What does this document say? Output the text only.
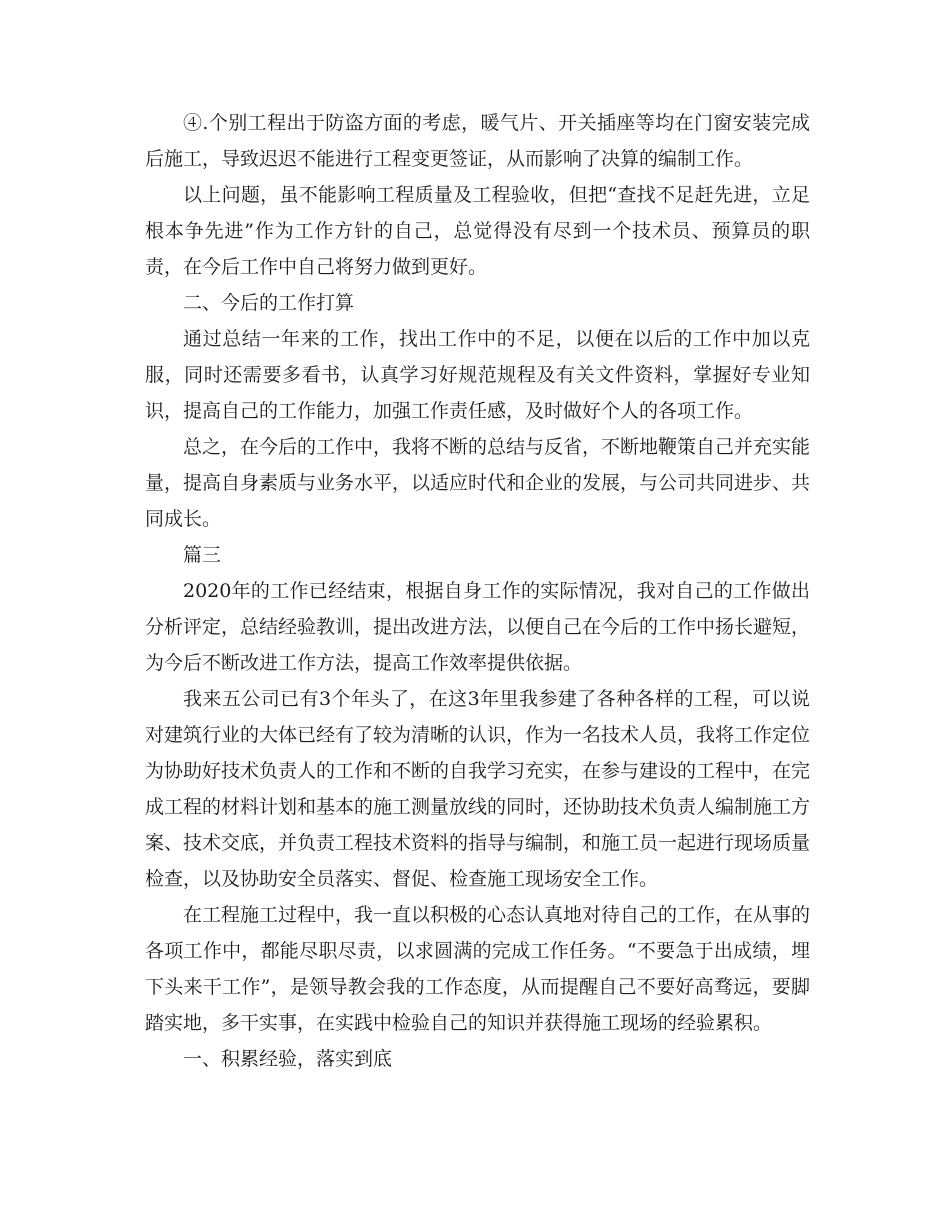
④.个别工程出于防盗方面的考虑，暖气片、开关插座等均在门窗安装完成后施工，导致迟迟不能进行工程变更签证，从而影响了决算的编制工作。

以上问题，虽不能影响工程质量及工程验收，但把“查找不足赶先进，立足根本争先进”作为工作方针的自己，总觉得没有尽到一个技术员、预算员的职责，在今后工作中自己将努力做到更好。

二、今后的工作打算

通过总结一年来的工作，找出工作中的不足，以便在以后的工作中加以克服，同时还需要多看书，认真学习好规范规程及有关文件资料，掌握好专业知识，提高自己的工作能力，加强工作责任感，及时做好个人的各项工作。

总之，在今后的工作中，我将不断的总结与反省，不断地鞭策自己并充实能量，提高自身素质与业务水平，以适应时代和企业的发展，与公司共同进步、共同成长。

篇三

2020年的工作已经结束，根据自身工作的实际情况，我对自己的工作做出分析评定，总结经验教训，提出改进方法，以便自己在今后的工作中扬长避短，为今后不断改进工作方法，提高工作效率提供依据。

我来五公司已有3个年头了，在这3年里我参建了各种各样的工程，可以说对建筑行业的大体已经有了较为清晰的认识，作为一名技术人员，我将工作定位为协助好技术负责人的工作和不断的自我学习充实，在参与建设的工程中，在完成工程的材料计划和基本的施工测量放线的同时，还协助技术负责人编制施工方案、技术交底，并负责工程技术资料的指导与编制，和施工员一起进行现场质量检查，以及协助安全员落实、督促、检查施工现场安全工作。

在工程施工过程中，我一直以积极的心态认真地对待自己的工作，在从事的各项工作中，都能尽职尽责，以求圆满的完成工作任务。“不要急于出成绩，埋下头来干工作”，是领导教会我的工作态度，从而提醒自己不要好高骛远，要脚踏实地，多干实事，在实践中检验自己的知识并获得施工现场的经验累积。

一、积累经验，落实到底
